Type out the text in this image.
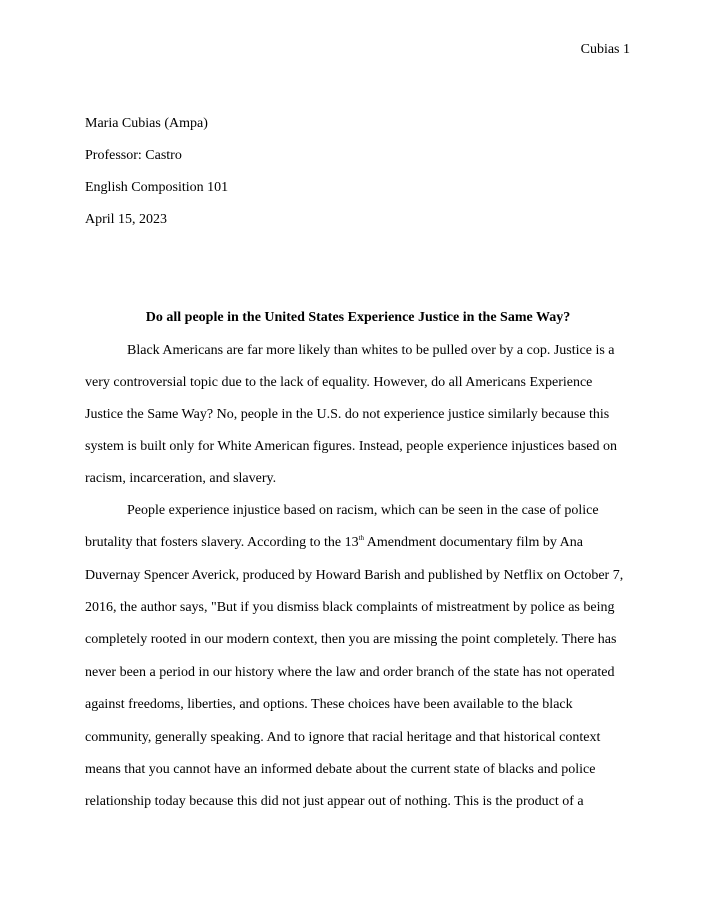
Cubias 1
Maria Cubias (Ampa)
Professor: Castro
English Composition 101
April 15, 2023
Do all people in the United States Experience Justice in the Same Way?
Black Americans are far more likely than whites to be pulled over by a cop. Justice is a
very controversial topic due to the lack of equality. However, do all Americans Experience
Justice the Same Way? No, people in the U.S. do not experience justice similarly because this
system is built only for White American figures. Instead, people experience injustices based on
racism, incarceration, and slavery.
People experience injustice based on racism, which can be seen in the case of police
brutality that fosters slavery. According to the 13th Amendment documentary film by Ana
Duvernay Spencer Averick, produced by Howard Barish and published by Netflix on October 7,
2016, the author says, "But if you dismiss black complaints of mistreatment by police as being
completely rooted in our modern context, then you are missing the point completely. There has
never been a period in our history where the law and order branch of the state has not operated
against freedoms, liberties, and options. These choices have been available to the black
community, generally speaking. And to ignore that racial heritage and that historical context
means that you cannot have an informed debate about the current state of blacks and police
relationship today because this did not just appear out of nothing. This is the product of a
